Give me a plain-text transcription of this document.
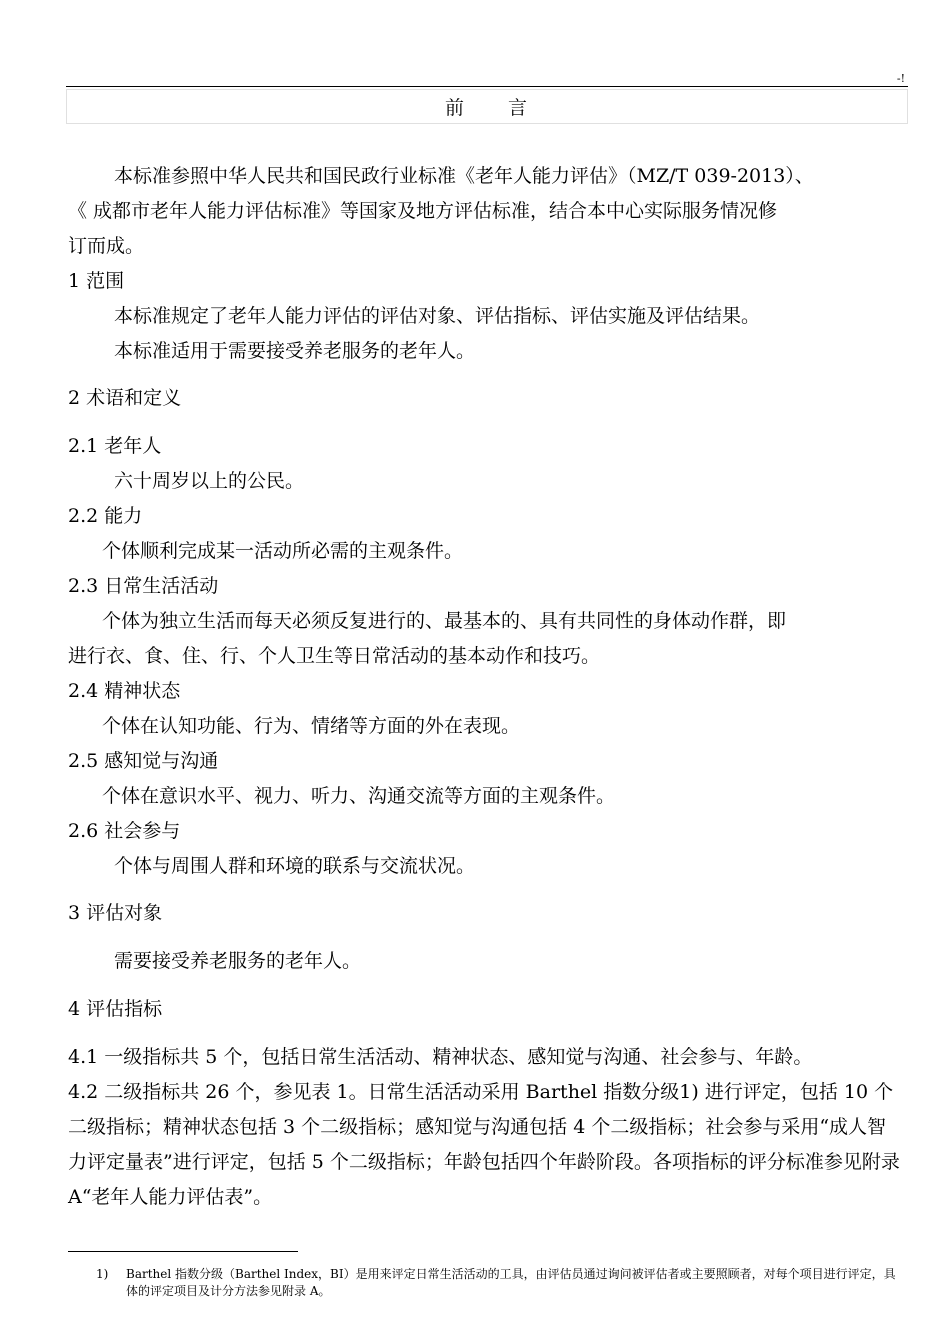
-!
前　　言
本标准参照中华人民共和国民政行业标准《老年人能力评估》（MZ/T 039-2013）、
《 成都市老年人能力评估标准》等国家及地方评估标准，结合本中心实际服务情况修
订而成。
1 范围
本标准规定了老年人能力评估的评估对象、评估指标、评估实施及评估结果。
本标准适用于需要接受养老服务的老年人。
2 术语和定义
2.1 老年人
六十周岁以上的公民。
2.2 能力
个体顺利完成某一活动所必需的主观条件。
2.3 日常生活活动
个体为独立生活而每天必须反复进行的、最基本的、具有共同性的身体动作群，即
进行衣、食、住、行、个人卫生等日常活动的基本动作和技巧。
2.4 精神状态
个体在认知功能、行为、情绪等方面的外在表现。
2.5 感知觉与沟通
个体在意识水平、视力、听力、沟通交流等方面的主观条件。
2.6 社会参与
个体与周围人群和环境的联系与交流状况。
3 评估对象
需要接受养老服务的老年人。
4 评估指标
4.1 一级指标共 5 个，包括日常生活活动、精神状态、感知觉与沟通、社会参与、年龄。
4.2 二级指标共 26 个，参见表 1。日常生活活动采用 Barthel 指数分级1) 进行评定，包括 10 个二级指标；精神状态包括 3 个二级指标；感知觉与沟通包括 4 个二级指标；社会参与采用“成人智力评定量表”进行评定，包括 5 个二级指标；年龄包括四个年龄阶段。各项指标的评分标准参见附录 A“老年人能力评估表”。
1) Barthel 指数分级（Barthel Index，BI）是用来评定日常生活活动的工具，由评估员通过询问被评估者或主要照顾者，对每个项目进行评定，具体的评定项目及计分方法参见附录 A。
